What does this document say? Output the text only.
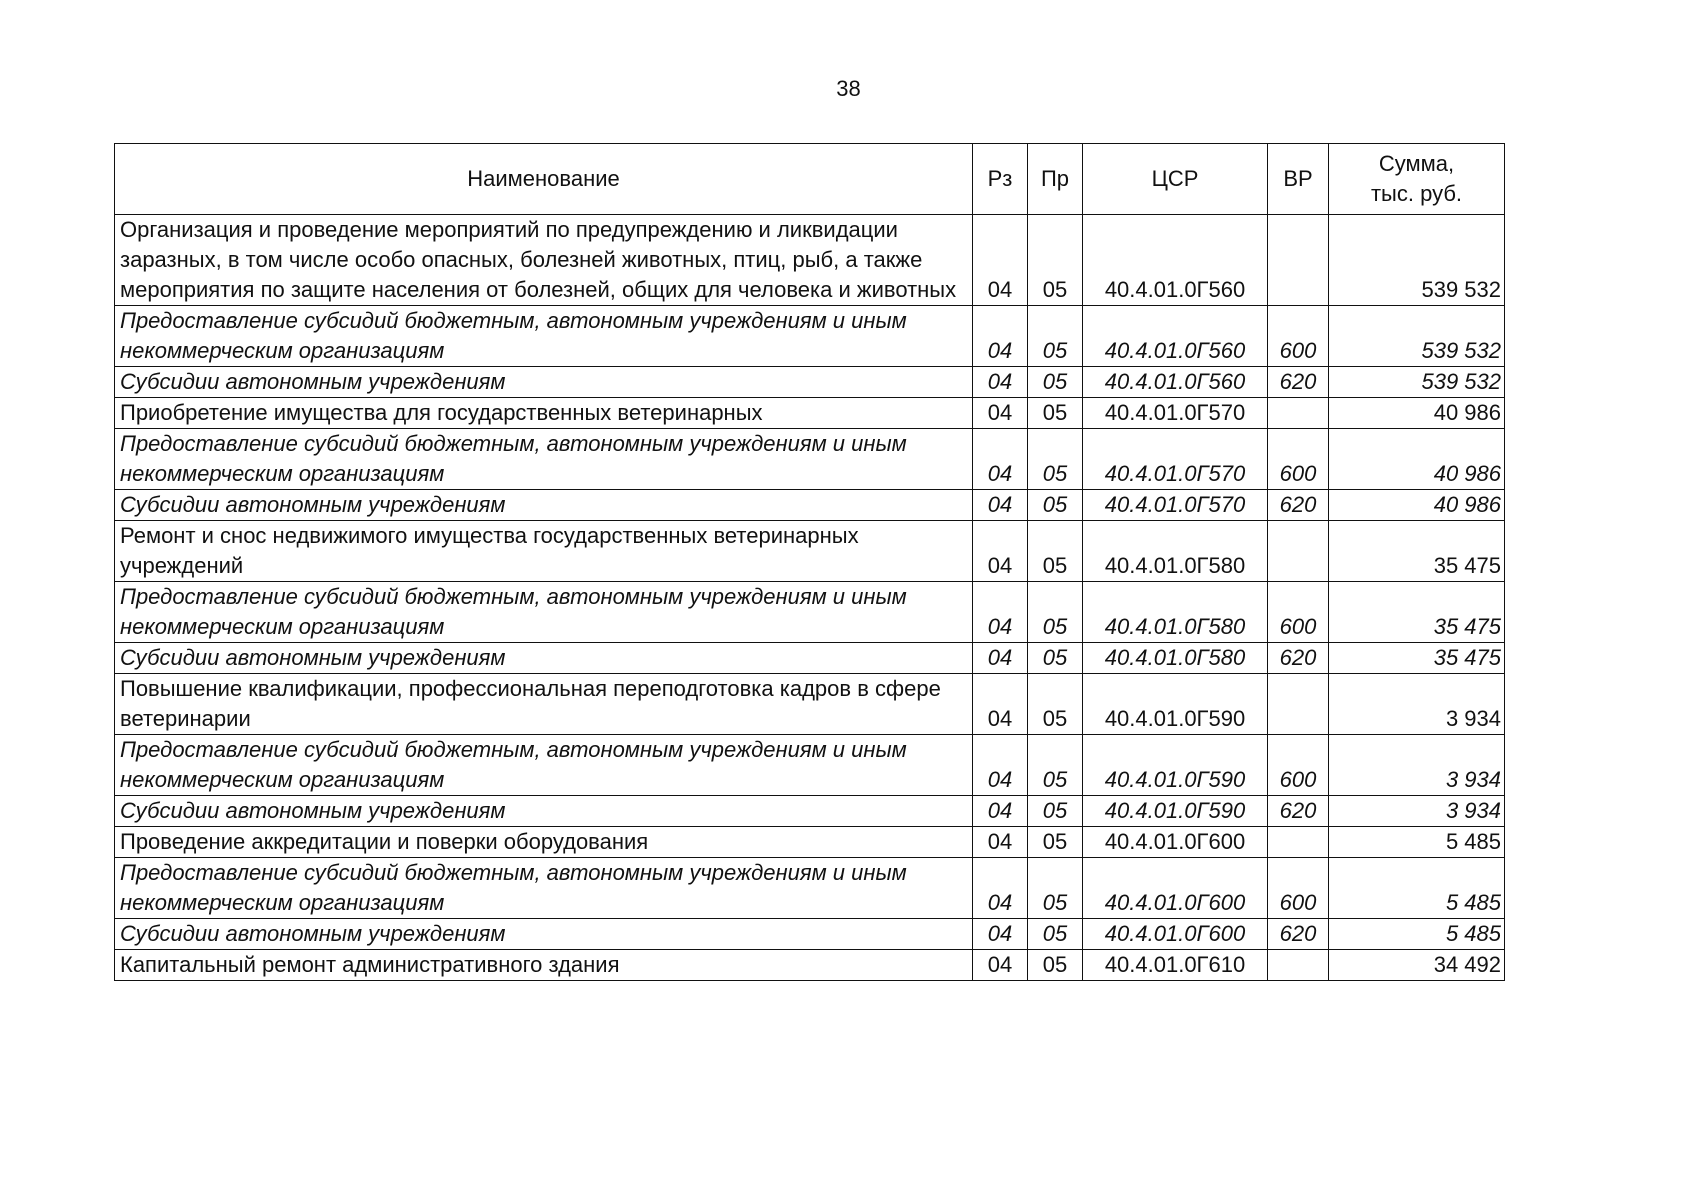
38
Наименование	Рз	Пр	ЦСР	ВР	Сумма,
тыс. руб.

Организация и проведение мероприятий по предупреждению и ликвидации заразных, в том числе особо опасных, болезней животных, птиц, рыб, а также мероприятия по защите населения от болезней, общих для человека и животных	04	05	40.4.01.0Г560		539 532
Предоставление субсидий бюджетным, автономным учреждениям и иным некоммерческим организациям	04	05	40.4.01.0Г560	600	539 532
Субсидии автономным учреждениям	04	05	40.4.01.0Г560	620	539 532
Приобретение имущества для государственных ветеринарных	04	05	40.4.01.0Г570		40 986
Предоставление субсидий бюджетным, автономным учреждениям и иным некоммерческим организациям	04	05	40.4.01.0Г570	600	40 986
Субсидии автономным учреждениям	04	05	40.4.01.0Г570	620	40 986
Ремонт и снос недвижимого имущества государственных ветеринарных учреждений	04	05	40.4.01.0Г580		35 475
Предоставление субсидий бюджетным, автономным учреждениям и иным некоммерческим организациям	04	05	40.4.01.0Г580	600	35 475
Субсидии автономным учреждениям	04	05	40.4.01.0Г580	620	35 475
Повышение квалификации, профессиональная переподготовка кадров в сфере ветеринарии	04	05	40.4.01.0Г590		3 934
Предоставление субсидий бюджетным, автономным учреждениям и иным некоммерческим организациям	04	05	40.4.01.0Г590	600	3 934
Субсидии автономным учреждениям	04	05	40.4.01.0Г590	620	3 934
Проведение аккредитации и поверки оборудования	04	05	40.4.01.0Г600		5 485
Предоставление субсидий бюджетным, автономным учреждениям и иным некоммерческим организациям	04	05	40.4.01.0Г600	600	5 485
Субсидии автономным учреждениям	04	05	40.4.01.0Г600	620	5 485
Капитальный ремонт административного здания	04	05	40.4.01.0Г610		34 492
